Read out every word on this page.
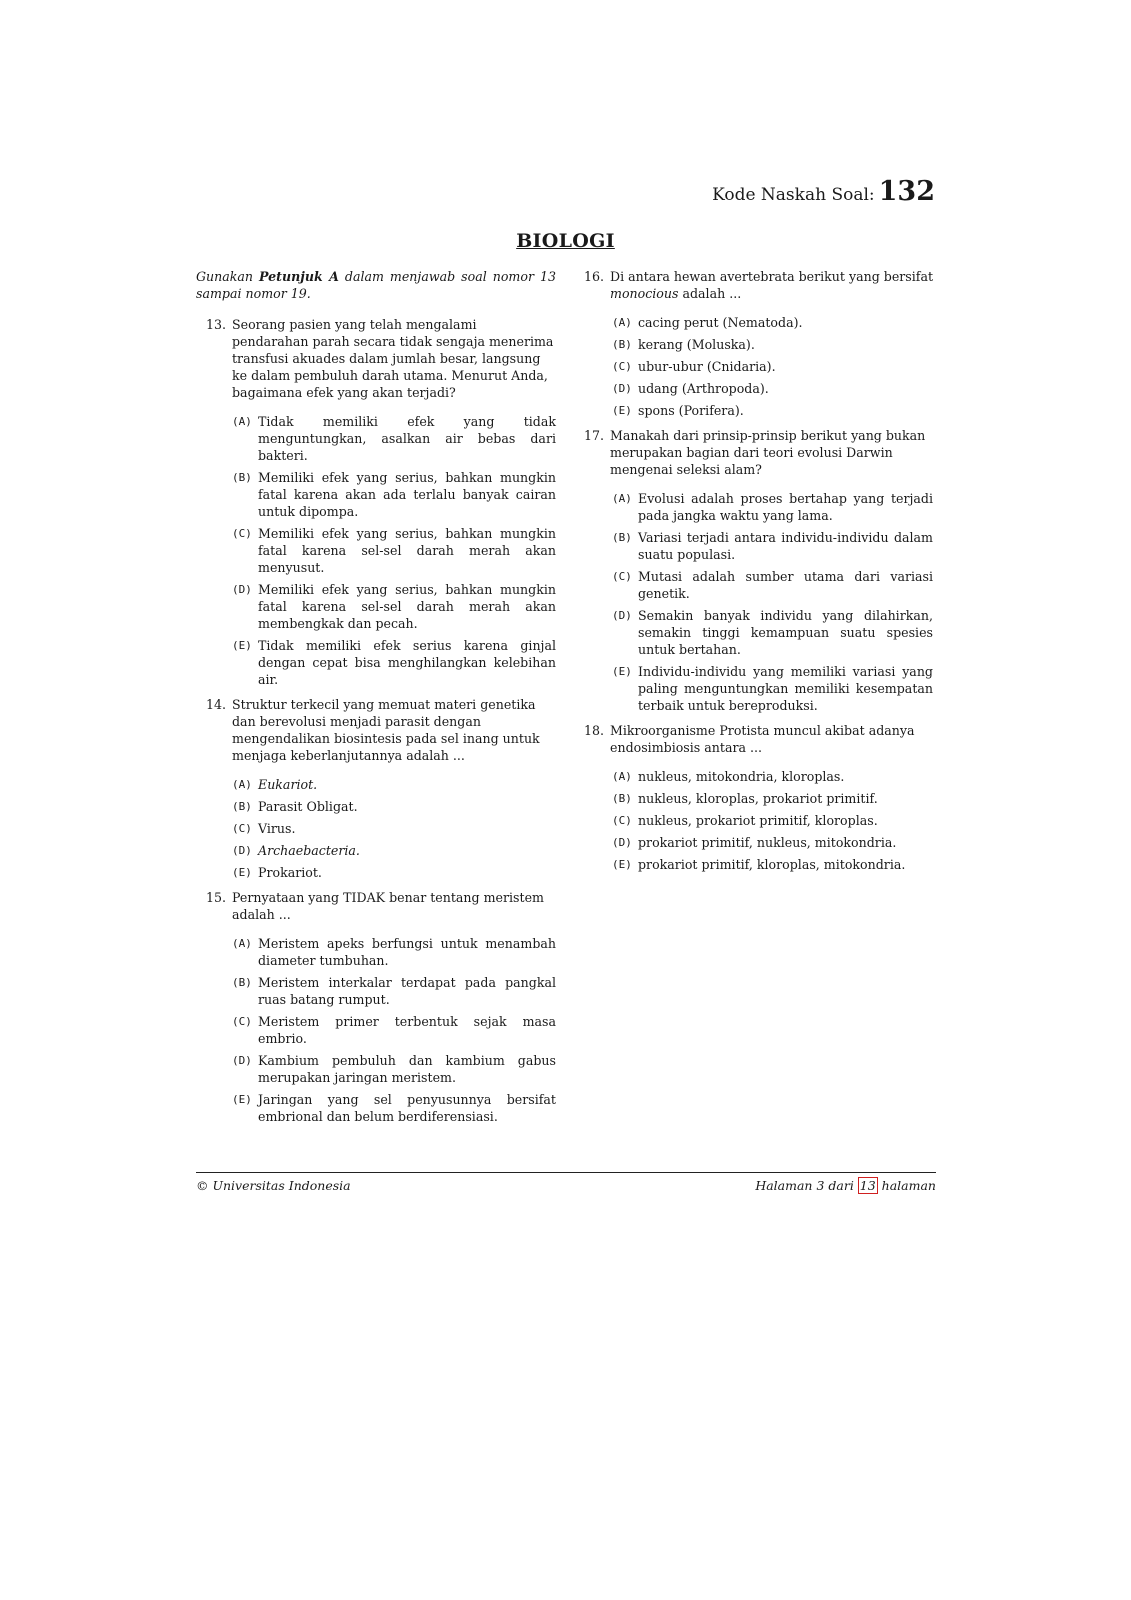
Kode Naskah Soal: 132
BIOLOGI
Gunakan Petunjuk A dalam menjawab soal nomor 13 sampai nomor 19.
13. Seorang pasien yang telah mengalami pendarahan parah secara tidak sengaja menerima transfusi akuades dalam jumlah besar, langsung ke dalam pembuluh darah utama. Menurut Anda, bagaimana efek yang akan terjadi?
(A) Tidak memiliki efek yang tidak menguntungkan, asalkan air bebas dari bakteri.
(B) Memiliki efek yang serius, bahkan mungkin fatal karena akan ada terlalu banyak cairan untuk dipompa.
(C) Memiliki efek yang serius, bahkan mungkin fatal karena sel-sel darah merah akan menyusut.
(D) Memiliki efek yang serius, bahkan mungkin fatal karena sel-sel darah merah akan membengkak dan pecah.
(E) Tidak memiliki efek serius karena ginjal dengan cepat bisa menghilangkan kelebihan air.
14. Struktur terkecil yang memuat materi genetika dan berevolusi menjadi parasit dengan mengendalikan biosintesis pada sel inang untuk menjaga keberlanjutannya adalah ...
(A) Eukariot.
(B) Parasit Obligat.
(C) Virus.
(D) Archaebacteria.
(E) Prokariot.
15. Pernyataan yang TIDAK benar tentang meristem adalah ...
(A) Meristem apeks berfungsi untuk menambah diameter tumbuhan.
(B) Meristem interkalar terdapat pada pangkal ruas batang rumput.
(C) Meristem primer terbentuk sejak masa embrio.
(D) Kambium pembuluh dan kambium gabus merupakan jaringan meristem.
(E) Jaringan yang sel penyusunnya bersifat embrional dan belum berdiferensiasi.
16. Di antara hewan avertebrata berikut yang bersifat monocious adalah ...
(A) cacing perut (Nematoda).
(B) kerang (Moluska).
(C) ubur-ubur (Cnidaria).
(D) udang (Arthropoda).
(E) spons (Porifera).
17. Manakah dari prinsip-prinsip berikut yang bukan merupakan bagian dari teori evolusi Darwin mengenai seleksi alam?
(A) Evolusi adalah proses bertahap yang terjadi pada jangka waktu yang lama.
(B) Variasi terjadi antara individu-individu dalam suatu populasi.
(C) Mutasi adalah sumber utama dari variasi genetik.
(D) Semakin banyak individu yang dilahirkan, semakin tinggi kemampuan suatu spesies untuk bertahan.
(E) Individu-individu yang memiliki variasi yang paling menguntungkan memiliki kesempatan terbaik untuk bereproduksi.
18. Mikroorganisme Protista muncul akibat adanya endosimbiosis antara ...
(A) nukleus, mitokondria, kloroplas.
(B) nukleus, kloroplas, prokariot primitif.
(C) nukleus, prokariot primitif, kloroplas.
(D) prokariot primitif, nukleus, mitokondria.
(E) prokariot primitif, kloroplas, mitokondria.
© Universitas Indonesia	Halaman 3 dari 13 halaman
